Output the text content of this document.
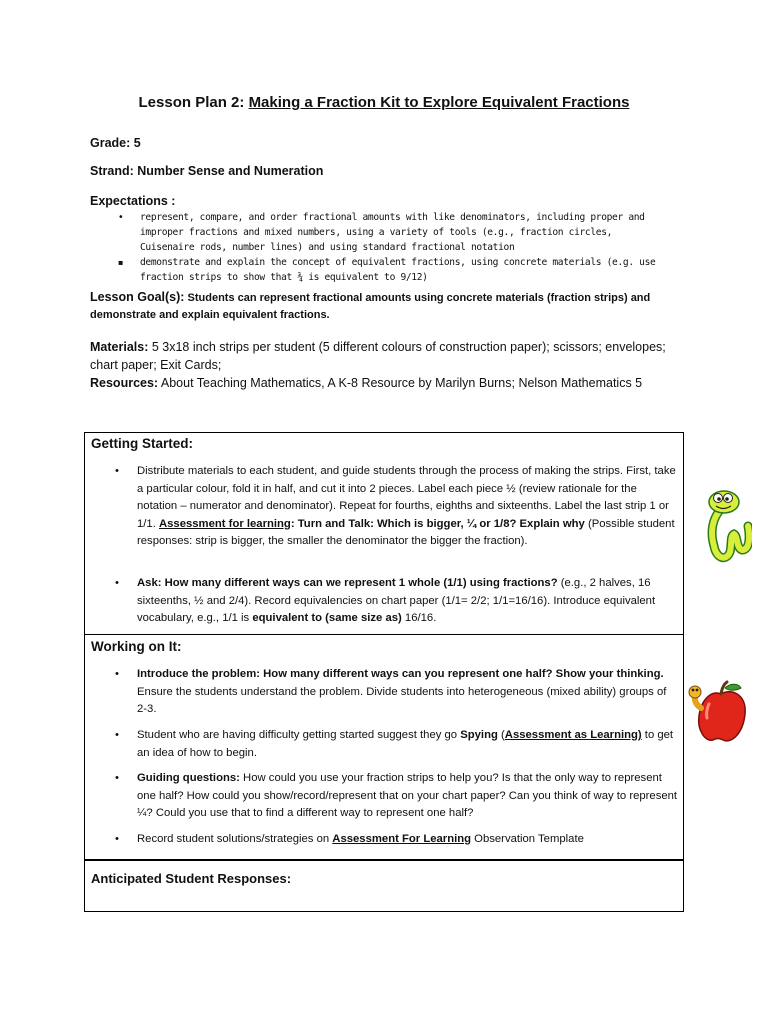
Lesson Plan 2: Making a Fraction Kit to Explore Equivalent Fractions
Grade: 5
Strand: Number Sense and Numeration
Expectations :
• represent, compare, and order fractional amounts with like denominators, including proper and improper fractions and mixed numbers, using a variety of tools (e.g., fraction circles, Cuisenaire rods, number lines) and using standard fractional notation
▪ demonstrate and explain the concept of equivalent fractions, using concrete materials (e.g. use fraction strips to show that ¾ is equivalent to 9/12)
Lesson Goal(s): Students can represent fractional amounts using concrete materials (fraction strips) and demonstrate and explain equivalent fractions.
Materials: 5 3x18 inch strips per student (5 different colours of construction paper); scissors; envelopes; chart paper; Exit Cards;
Resources: About Teaching Mathematics, A K-8 Resource by Marilyn Burns; Nelson Mathematics 5
Getting Started:
• Distribute materials to each student, and guide students through the process of making the strips. First, take a particular colour, fold it in half, and cut it into 2 pieces. Label each piece ½ (review rationale for the notation – numerator and denominator). Repeat for fourths, eighths and sixteenths. Label the last strip 1 or 1/1. Assessment for learning: Turn and Talk: Which is bigger, ¼ or 1/8? Explain why (Possible student responses: strip is bigger, the smaller the denominator the bigger the fraction).
• Ask: How many different ways can we represent 1 whole (1/1) using fractions? (e.g., 2 halves, 16 sixteenths, ½ and 2/4). Record equivalencies on chart paper (1/1= 2/2; 1/1=16/16). Introduce equivalent vocabulary, e.g., 1/1 is equivalent to (same size as) 16/16.
Working on It:
• Introduce the problem: How many different ways can you represent one half? Show your thinking. Ensure the students understand the problem. Divide students into heterogeneous (mixed ability) groups of 2-3.
• Student who are having difficulty getting started suggest they go Spying (Assessment as Learning) to get an idea of how to begin.
• Guiding questions: How could you use your fraction strips to help you? Is that the only way to represent one half? How could you show/record/represent that on your chart paper? Can you think of way to represent ¼? Could you use that to find a different way to represent one half?
• Record student solutions/strategies on Assessment For Learning Observation Template
Anticipated Student Responses:
